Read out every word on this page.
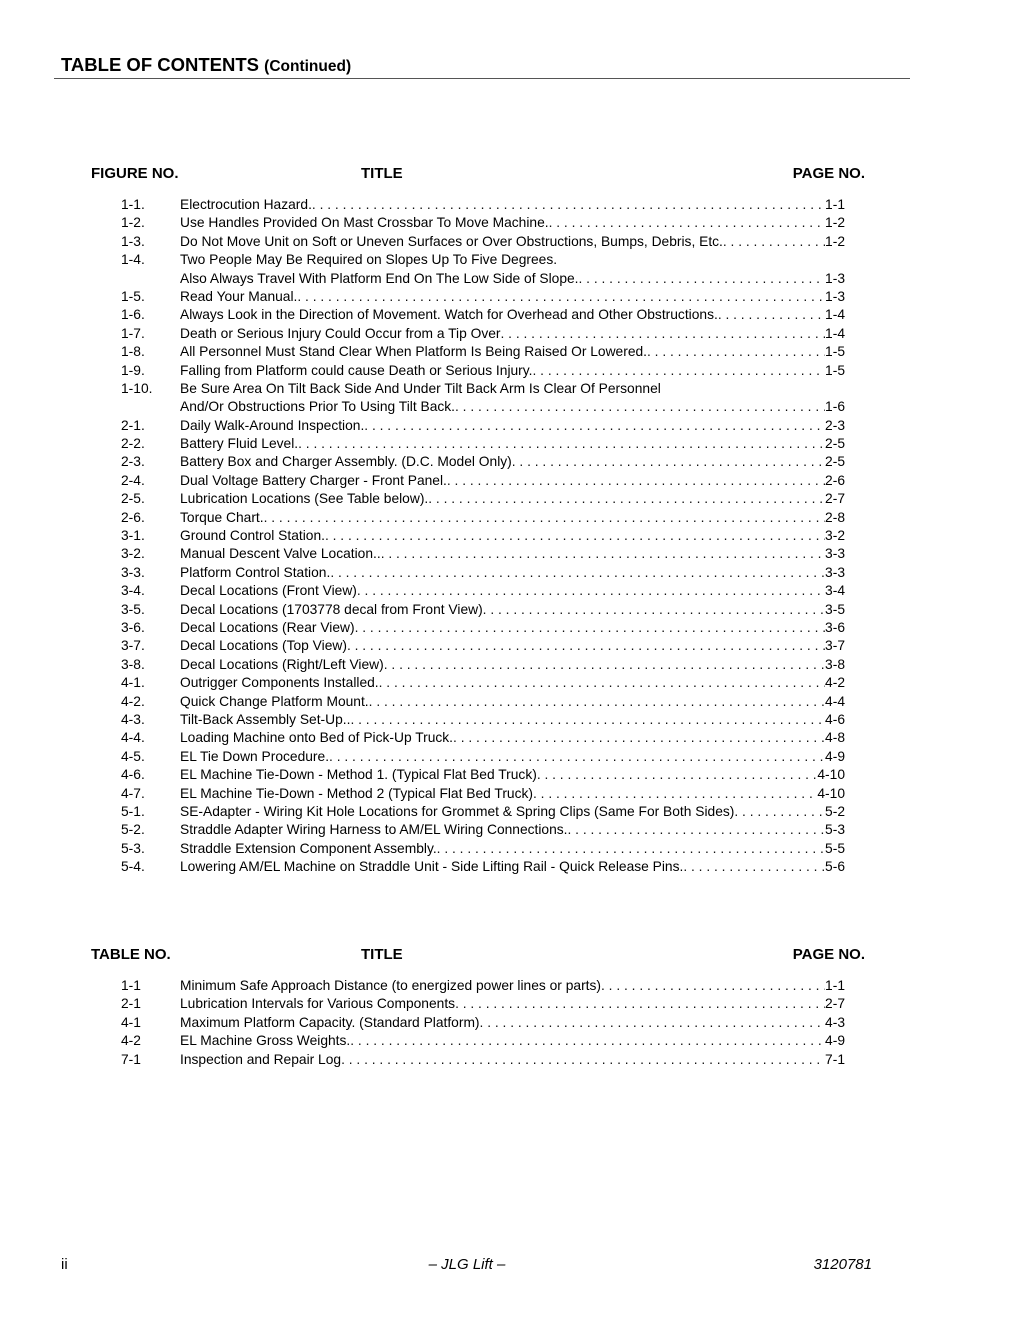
TABLE OF CONTENTS (Continued)
FIGURE NO.	TITLE	PAGE NO.
1-1.	Electrocution Hazard. . . .	1-1
1-2.	Use Handles Provided On Mast Crossbar To Move Machine. . . .	1-2
1-3.	Do Not Move Unit on Soft or Uneven Surfaces or Over Obstructions, Bumps, Debris, Etc. . . .	1-2
1-4.	Two People May Be Required on Slopes Up To Five Degrees.
Also Always Travel With Platform End On The Low Side of Slope. . . .	1-3
1-5.	Read Your Manual. . . .	1-3
1-6.	Always Look in the Direction of Movement. Watch for Overhead and Other Obstructions. . . .	1-4
1-7.	Death or Serious Injury Could Occur from a Tip Over . . .	1-4
1-8.	All Personnel Must Stand Clear When Platform Is Being Raised Or Lowered. . . .	1-5
1-9.	Falling from Platform could cause Death or Serious Injury. . . .	1-5
1-10. Be Sure Area On Tilt Back Side And Under Tilt Back Arm Is Clear Of Personnel
And/Or Obstructions Prior To Using Tilt Back. . . .	1-6
2-1.	Daily Walk-Around Inspection. . . .	2-3
2-2.	Battery Fluid Level. . . .	2-5
2-3.	Battery Box and Charger Assembly. (D.C. Model Only) . . .	2-5
2-4.	Dual Voltage Battery Charger - Front Panel. . . .	2-6
2-5.	Lubrication Locations (See Table below). . . .	2-7
2-6.	Torque Chart. . . .	2-8
3-1.	Ground Control Station. . . .	3-2
3-2.	Manual Descent Valve Location.. . . .	3-3
3-3.	Platform Control Station. . . .	3-3
3-4.	Decal Locations (Front View) . . .	3-4
3-5.	Decal Locations (1703778 decal from Front View) . . .	3-5
3-6.	Decal Locations (Rear View) . . .	3-6
3-7.	Decal Locations (Top View) . . .	3-7
3-8.	Decal Locations (Right/Left View) . . .	3-8
4-1.	Outrigger Components Installed. . . .	4-2
4-2.	Quick Change Platform Mount. . . .	4-4
4-3.	Tilt-Back Assembly Set-Up.. . . .	4-6
4-4.	Loading Machine onto Bed of Pick-Up Truck. . . .	4-8
4-5.	EL Tie Down Procedure. . . .	4-9
4-6.	EL Machine Tie-Down - Method 1. (Typical Flat Bed Truck) . . .	4-10
4-7.	EL Machine Tie-Down - Method 2 (Typical Flat Bed Truck) . . .	4-10
5-1.	SE-Adapter - Wiring Kit Hole Locations for Grommet & Spring Clips (Same For Both Sides) . . .	5-2
5-2.	Straddle Adapter Wiring Harness to AM/EL Wiring Connections. . . .	5-3
5-3.	Straddle Extension Component Assembly. . . .	5-5
5-4.	Lowering AM/EL Machine on Straddle Unit - Side Lifting Rail - Quick Release Pins. . . .	5-6
TABLE NO.	TITLE	PAGE NO.
1-1	Minimum Safe Approach Distance (to energized power lines or parts) . . .	1-1
2-1	Lubrication Intervals for Various Components . . .	2-7
4-1	Maximum Platform Capacity. (Standard Platform) . . .	4-3
4-2	EL Machine Gross Weights. . . .	4-9
7-1	Inspection and Repair Log . . .	7-1
ii	– JLG Lift –	3120781
